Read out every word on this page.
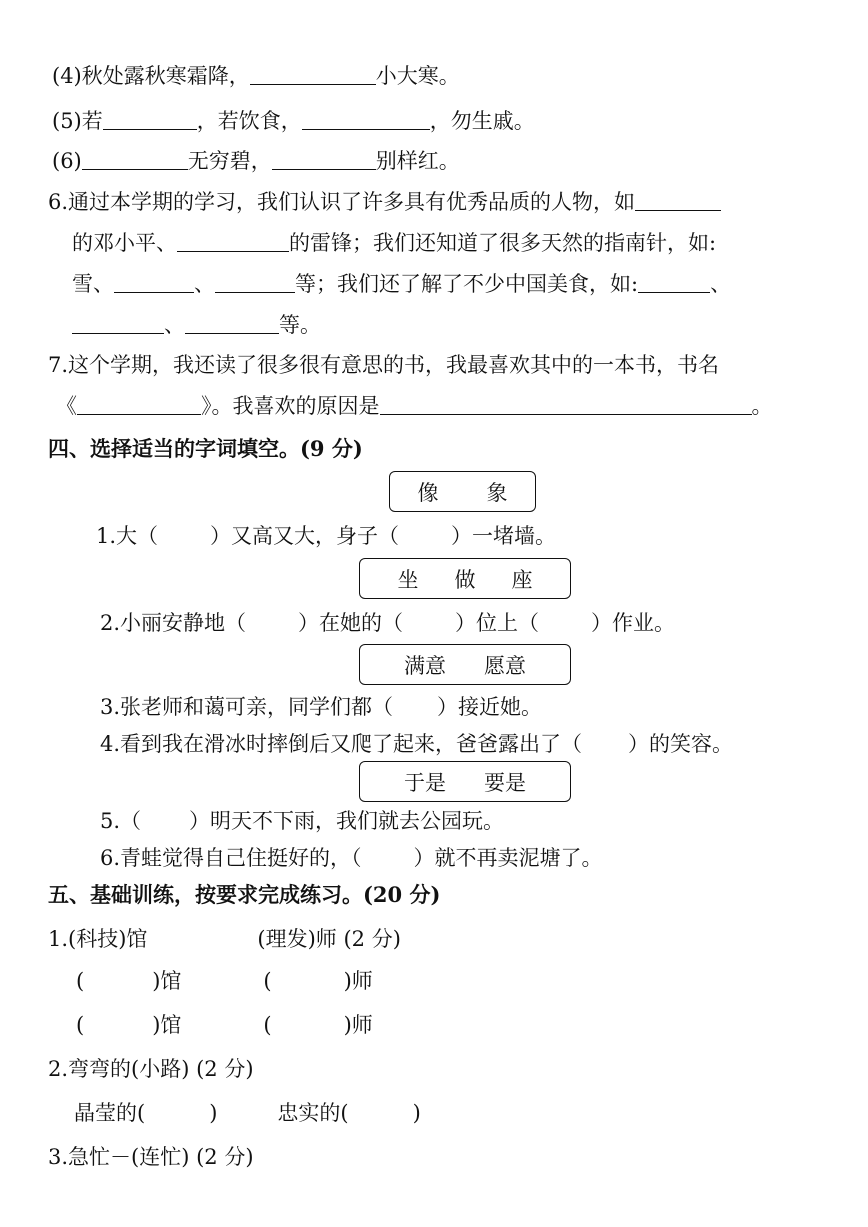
(4)秋处露秋寒霜降，	小大寒。
(5)若	，若饮食，	，勿生戚。
(6)	无穷碧，	别样红。
6.通过本学期的学习，我们认识了许多具有优秀品质的人物，如
的邓小平、	的雷锋；我们还知道了很多天然的指南针，如:
雪、	、	等；我们还了解了不少中国美食，如:	、
、	等。
7.这个学期，我还读了很多很有意思的书，我最喜欢其中的一本书，书名
《	》。我喜欢的原因是	。
四、选择适当的字词填空。(9 分)
像 象
1.大（ ）又高又大，身子（ ）一堵墙。
坐 做 座
2.小丽安静地（ ）在她的（ ）位上（ ）作业。
满意 愿意
3.张老师和蔼可亲，同学们都（ ）接近她。
4.看到我在滑冰时摔倒后又爬了起来，爸爸露出了（ ）的笑容。
于是 要是
5.（ ）明天不下雨，我们就去公园玩。
6.青蛙觉得自己住挺好的，（ ）就不再卖泥塘了。
五、基础训练，按要求完成练习。(20 分)
1.(科技)馆	(理发)师 (2 分)
(	)馆	(	)师
(	)馆	(	)师
2.弯弯的(小路) (2 分)
晶莹的(	)	忠实的(	)
3.急忙－(连忙) (2 分)
